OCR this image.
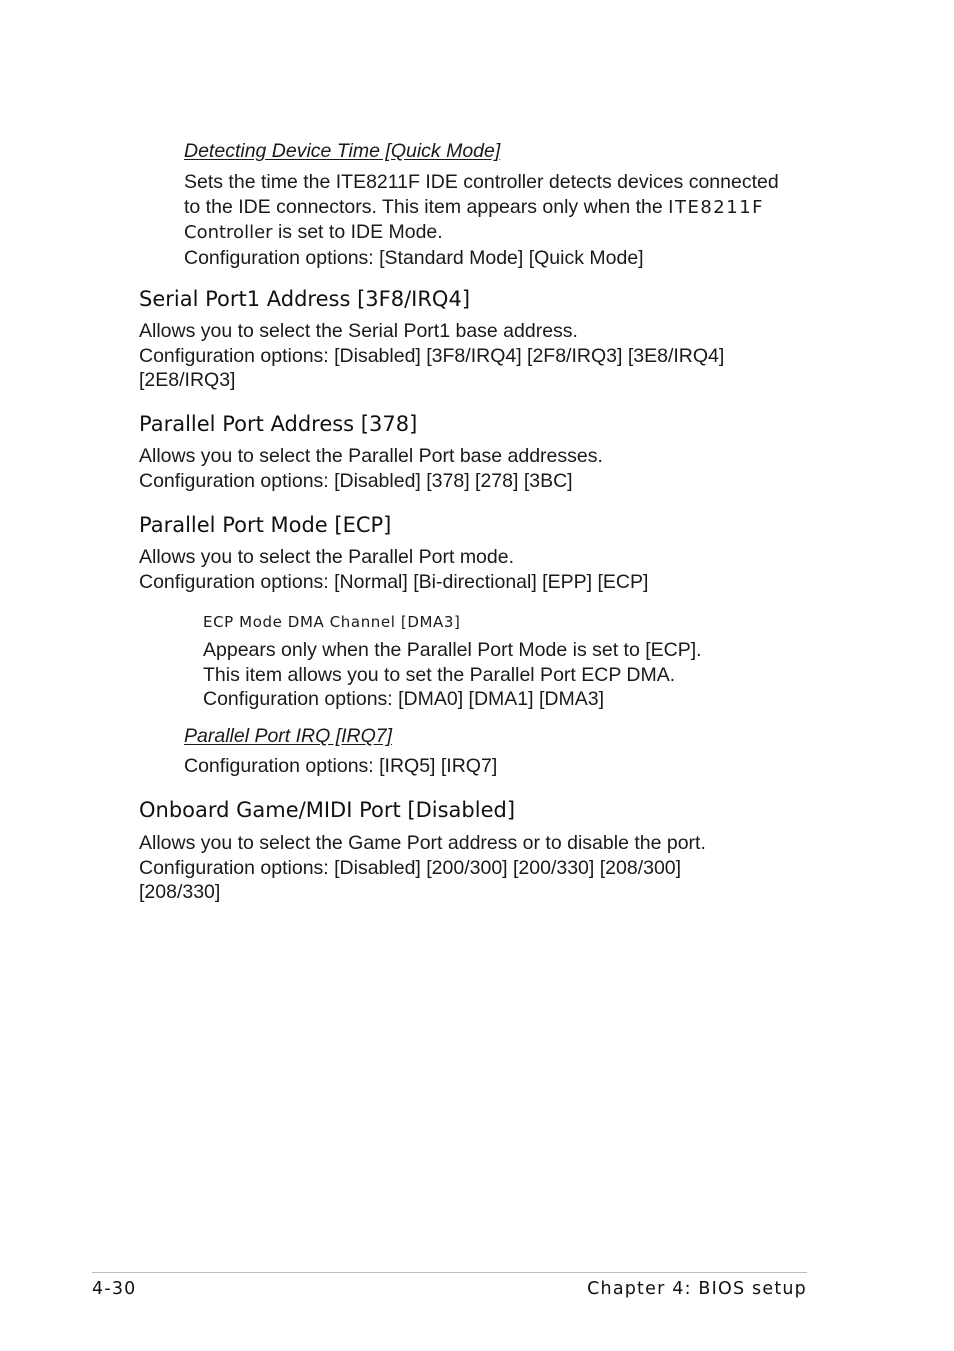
Detecting Device Time [Quick Mode]
Sets the time the ITE8211F IDE controller detects devices connected
to the IDE connectors. This item appears only when the ITE8211F
Controller is set to IDE Mode.
Configuration options: [Standard Mode] [Quick Mode]
Serial Port1 Address [3F8/IRQ4]
Allows you to select the Serial Port1 base address.
Configuration options: [Disabled] [3F8/IRQ4] [2F8/IRQ3] [3E8/IRQ4]
[2E8/IRQ3]
Parallel Port Address [378]
Allows you to select the Parallel Port base addresses.
Configuration options: [Disabled] [378] [278] [3BC]
Parallel Port Mode [ECP]
Allows you to select the Parallel Port mode.
Configuration options: [Normal] [Bi-directional] [EPP] [ECP]
ECP Mode DMA Channel [DMA3]
Appears only when the Parallel Port Mode is set to [ECP].
This item allows you to set the Parallel Port ECP DMA.
Configuration options: [DMA0] [DMA1] [DMA3]
Parallel Port IRQ [IRQ7]
Configuration options: [IRQ5] [IRQ7]
Onboard Game/MIDI Port [Disabled]
Allows you to select the Game Port address or to disable the port.
Configuration options: [Disabled] [200/300] [200/330] [208/300]
[208/330]
4-30	Chapter 4: BIOS setup
